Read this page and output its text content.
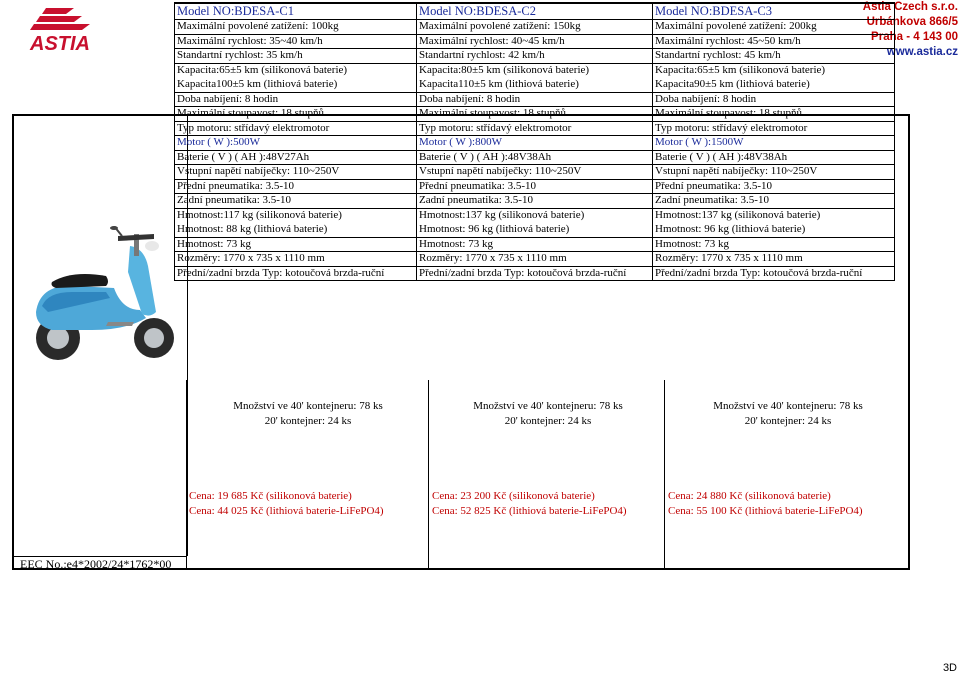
ASTIA
Astia Czech s.r.o.
Urbánkova 866/5
Praha - 4 143 00
www.astia.cz
EEC No.:e4*2002/24*1762*00
Model NO:BDESA-C1	Model NO:BDESA-C2	Model NO:BDESA-C3
Maximální povolené zatížení: 100kg	Maximální povolené zatížení: 150kg	Maximální povolené zatížení: 200kg
Maximální rychlost: 35~40 km/h	Maximální rychlost: 40~45 km/h	Maximální rychlost: 45~50 km/h
Standartní rychlost: 35 km/h	Standartní rychlost: 42 km/h	Standartní rychlost: 45 km/h
Kapacita:65±5 km (silikonová baterie)	Kapacita:80±5 km (silikonová baterie)	Kapacita:65±5 km (silikonová baterie)
Kapacita100±5 km (lithiová baterie)	Kapacita110±5 km (lithiová baterie)	Kapacita90±5 km (lithiová baterie)
Doba nabíjení: 8 hodin	Doba nabíjení: 8 hodin	Doba nabíjení: 8 hodin
Maximální stoupavost: 18 stupňů	Maximální stoupavost: 18 stupňů	Maximální stoupavost: 18 stupňů
Typ motoru: střídavý elektromotor	Typ motoru: střídavý elektromotor	Typ motoru: střídavý elektromotor
Motor ( W ):500W	Motor ( W ):800W	Motor ( W ):1500W
Baterie ( V ) ( AH ):48V27Ah	Baterie ( V ) ( AH ):48V38Ah	Baterie ( V ) ( AH ):48V38Ah
Vstupní napětí nabíječky: 110~250V	Vstupní napětí nabíječky: 110~250V	Vstupní napětí nabíječky: 110~250V
Přední pneumatika: 3.5-10	Přední pneumatika: 3.5-10	Přední pneumatika: 3.5-10
Zadní pneumatika: 3.5-10	Zadní pneumatika: 3.5-10	Zadní pneumatika: 3.5-10
Hmotnost:117 kg (silikonová baterie)	Hmotnost:137 kg (silikonová baterie)	Hmotnost:137 kg (silikonová baterie)
Hmotnost: 88 kg (lithiová baterie)	Hmotnost: 96 kg (lithiová baterie)	Hmotnost: 96 kg (lithiová baterie)
Hmotnost: 73 kg	Hmotnost: 73 kg	Hmotnost: 73 kg
Rozměry: 1770 x 735 x 1110 mm	Rozměry: 1770 x 735 x 1110 mm	Rozměry: 1770 x 735 x 1110 mm
Přední/zadní brzda Typ: kotoučová brzda-ruční	Přední/zadní brzda Typ: kotoučová brzda-ruční	Přední/zadní brzda Typ: kotoučová brzda-ruční
Množství ve 40' kontejneru: 78 ks
20' kontejner: 24 ks
Množství ve 40' kontejneru: 78 ks
20' kontejner: 24 ks
Množství ve 40' kontejneru: 78 ks
20' kontejner: 24 ks
Cena: 19 685 Kč (silikonová baterie)
Cena: 44 025 Kč (lithiová baterie-LiFePO4)
Cena: 23 200 Kč (silikonová baterie)
Cena: 52 825 Kč (lithiová baterie-LiFePO4)
Cena: 24 880 Kč (silikonová baterie)
Cena: 55 100 Kč (lithiová baterie-LiFePO4)
3D
